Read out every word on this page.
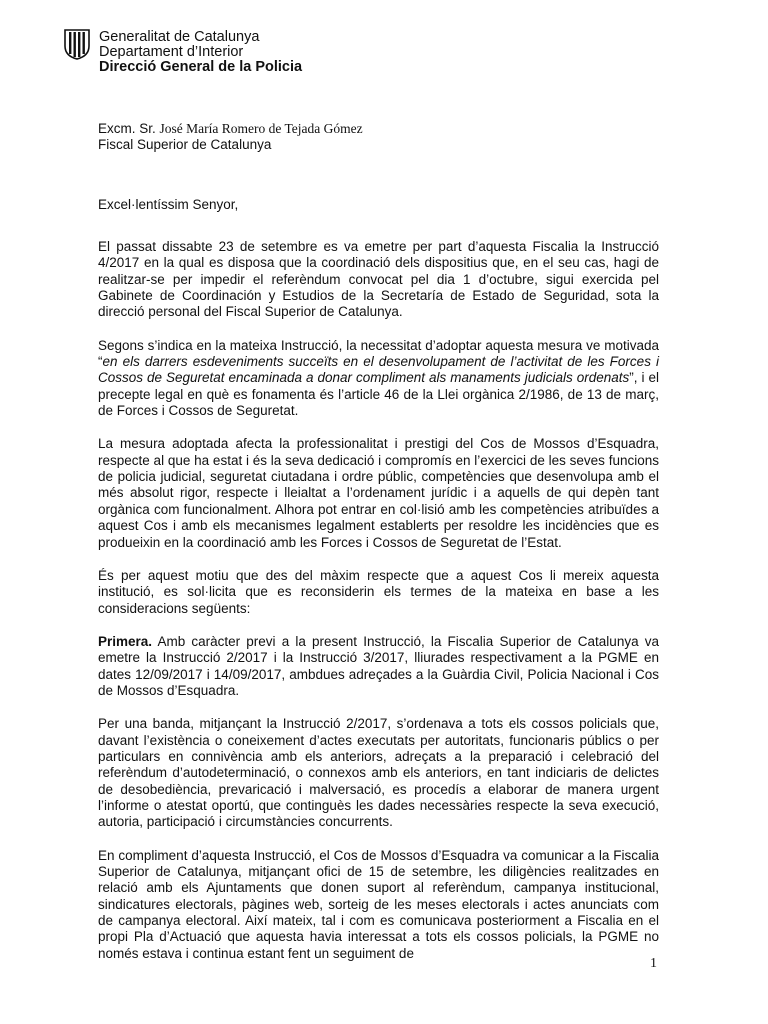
Generalitat de Catalunya
Departament d’Interior
Direcció General de la Policia
Excm. Sr. José María Romero de Tejada Gómez
Fiscal Superior de Catalunya
Excel·lentíssim Senyor,

El passat dissabte 23 de setembre es va emetre per part d’aquesta Fiscalia la Instrucció 4/2017 en la qual es disposa que la coordinació dels dispositius que, en el seu cas, hagi de realitzar-se per impedir el referèndum convocat pel dia 1 d’octubre, sigui exercida pel Gabinete de Coordinación y Estudios de la Secretaría de Estado de Seguridad, sota la direcció personal del Fiscal Superior de Catalunya.

Segons s’indica en la mateixa Instrucció, la necessitat d’adoptar aquesta mesura ve motivada “en els darrers esdeveniments succeïts en el desenvolupament de l’activitat de les Forces i Cossos de Seguretat encaminada a donar compliment als manaments judicials ordenats”, i el precepte legal en què es fonamenta és l’article 46 de la Llei orgànica 2/1986, de 13 de març, de Forces i Cossos de Seguretat.

La mesura adoptada afecta la professionalitat i prestigi del Cos de Mossos d’Esquadra, respecte al que ha estat i és la seva dedicació i compromís en l’exercici de les seves funcions de policia judicial, seguretat ciutadana i ordre públic, competències que desenvolupa amb el més absolut rigor, respecte i lleialtat a l’ordenament jurídic i a aquells de qui depèn tant orgànica com funcionalment. Alhora pot entrar en col·lisió amb les competències atribuïdes a aquest Cos i amb els mecanismes legalment establerts per resoldre les incidències que es produeixin en la coordinació amb les Forces i Cossos de Seguretat de l’Estat.

És per aquest motiu que des del màxim respecte que a aquest Cos li mereix aquesta institució, es sol·licita que es reconsiderin els termes de la mateixa en base a les consideracions següents:

Primera. Amb caràcter previ a la present Instrucció, la Fiscalia Superior de Catalunya va emetre la Instrucció 2/2017 i la Instrucció 3/2017, lliurades respectivament a la PGME en dates 12/09/2017 i 14/09/2017, ambdues adreçades a la Guàrdia Civil, Policia Nacional i Cos de Mossos d’Esquadra.

Per una banda, mitjançant la Instrucció 2/2017, s’ordenava a tots els cossos policials que, davant l’existència o coneixement d’actes executats per autoritats, funcionaris públics o per particulars en connivència amb els anteriors, adreçats a la preparació i celebració del referèndum d’autodeterminació, o connexos amb els anteriors, en tant indiciaris de delictes de desobediència, prevaricació i malversació, es procedís a elaborar de manera urgent l’informe o atestat oportú, que continguès les dades necessàries respecte la seva execució, autoria, participació i circumstàncies concurrents.

En compliment d’aquesta Instrucció, el Cos de Mossos d’Esquadra va comunicar a la Fiscalia Superior de Catalunya, mitjançant ofici de 15 de setembre, les diligències realitzades en relació amb els Ajuntaments que donen suport al referèndum, campanya institucional, sindicatures electorals, pàgines web, sorteig de les meses electorals i actes anunciats com de campanya electoral. Així mateix, tal i com es comunicava posteriorment a Fiscalia en el propi Pla d’Actuació que aquesta havia interessat a tots els cossos policials, la PGME no només estava i continua estant fent un seguiment de

1
